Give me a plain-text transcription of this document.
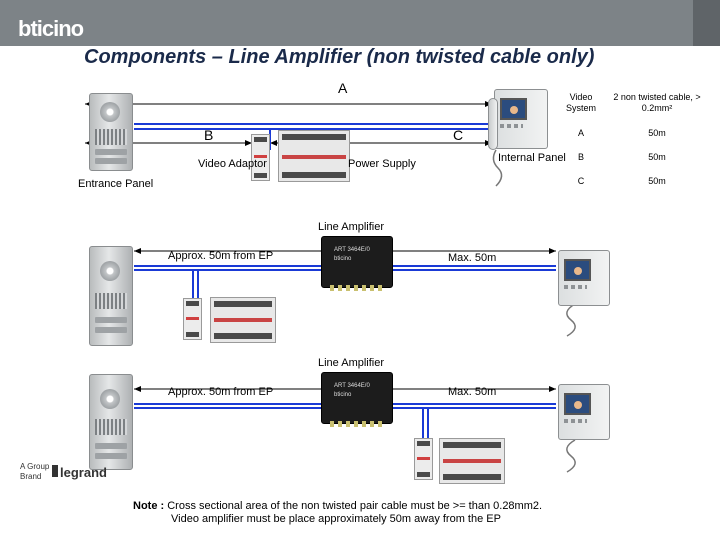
bticino
Components – Line Amplifier (non twisted cable only)
Entrance Panel
B	C
A
Video Adaptor	Power Supply	Internal Panel
Video System
2 non twisted cable, > 0.2mm²
A	50m
B	50m
C	50m
Line Amplifier
Approx. 50m from EP	Max. 50m
ART 3464E/0
bticino
Line Amplifier
Approx. 50m from EP	Max. 50m
ART 3464E/0
bticino
A Group
Brand	legrand
Note : Cross sectional area of the non twisted pair cable must be >= than 0.28mm2.
Video amplifier must be place approximately 50m away from the EP
